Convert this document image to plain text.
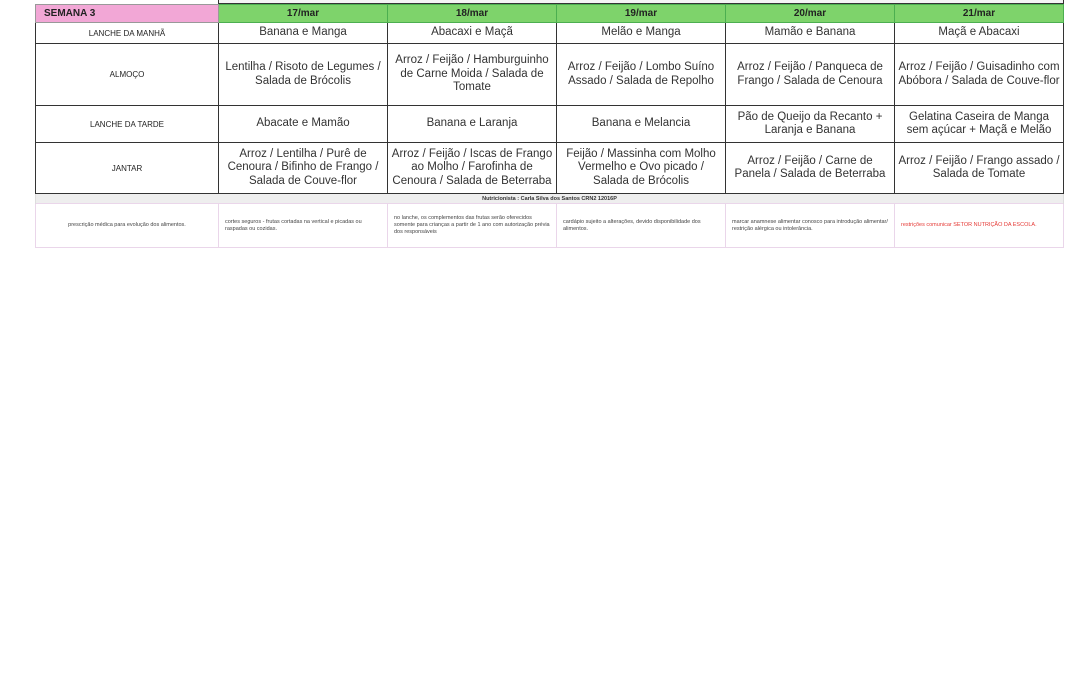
SEMANA 3	17/mar	18/mar	19/mar	20/mar	21/mar
LANCHE DA MANHÃ	Banana e Manga	Abacaxi e Maçã	Melão e Manga	Mamão e Banana	Maçã e Abacaxi
ALMOÇO	Lentilha / Risoto de Legumes / Salada de Brócolis	Arroz / Feijão / Hamburguinho de Carne Moida / Salada de Tomate	Arroz / Feijão / Lombo Suíno Assado / Salada de Repolho	Arroz / Feijão / Panqueca de Frango / Salada de Cenoura	Arroz / Feijão / Guisadinho com Abóbora / Salada de Couve-flor
LANCHE DA TARDE	Abacate e Mamão	Banana e Laranja	Banana e Melancia	Pão de Queijo da Recanto + Laranja e Banana	Gelatina Caseira de Manga sem açúcar + Maçã e Melão
JANTAR	Arroz / Lentilha / Purê de Cenoura / Bifinho de Frango / Salada de Couve-flor	Arroz / Feijão / Iscas de Frango ao Molho / Farofinha de Cenoura / Salada de Beterraba	Feijão / Massinha com Molho Vermelho e Ovo picado / Salada de Brócolis	Arroz / Feijão / Carne de Panela / Salada de Beterraba	Arroz / Feijão / Frango assado / Salada de Tomate
Nutricionista : Carla Silva dos Santos CRN2 12016P					
prescrição médica para evolução dos alimentos.	cortes seguros - frutas cortadas na vertical e picadas ou raspadas ou cozidas.	no lanche, os complementos das frutas serão oferecidos somente para crianças a partir de 1 ano com autorização prévia dos responsáveis	cardápio sujeito a alterações, devido disponibilidade dos alimentos.	marcar anamnese alimentar conosco para introdução alimentar/ restrição alérgica ou intolerância.	restrições comunicar SETOR NUTRIÇÃO DA ESCOLA.
